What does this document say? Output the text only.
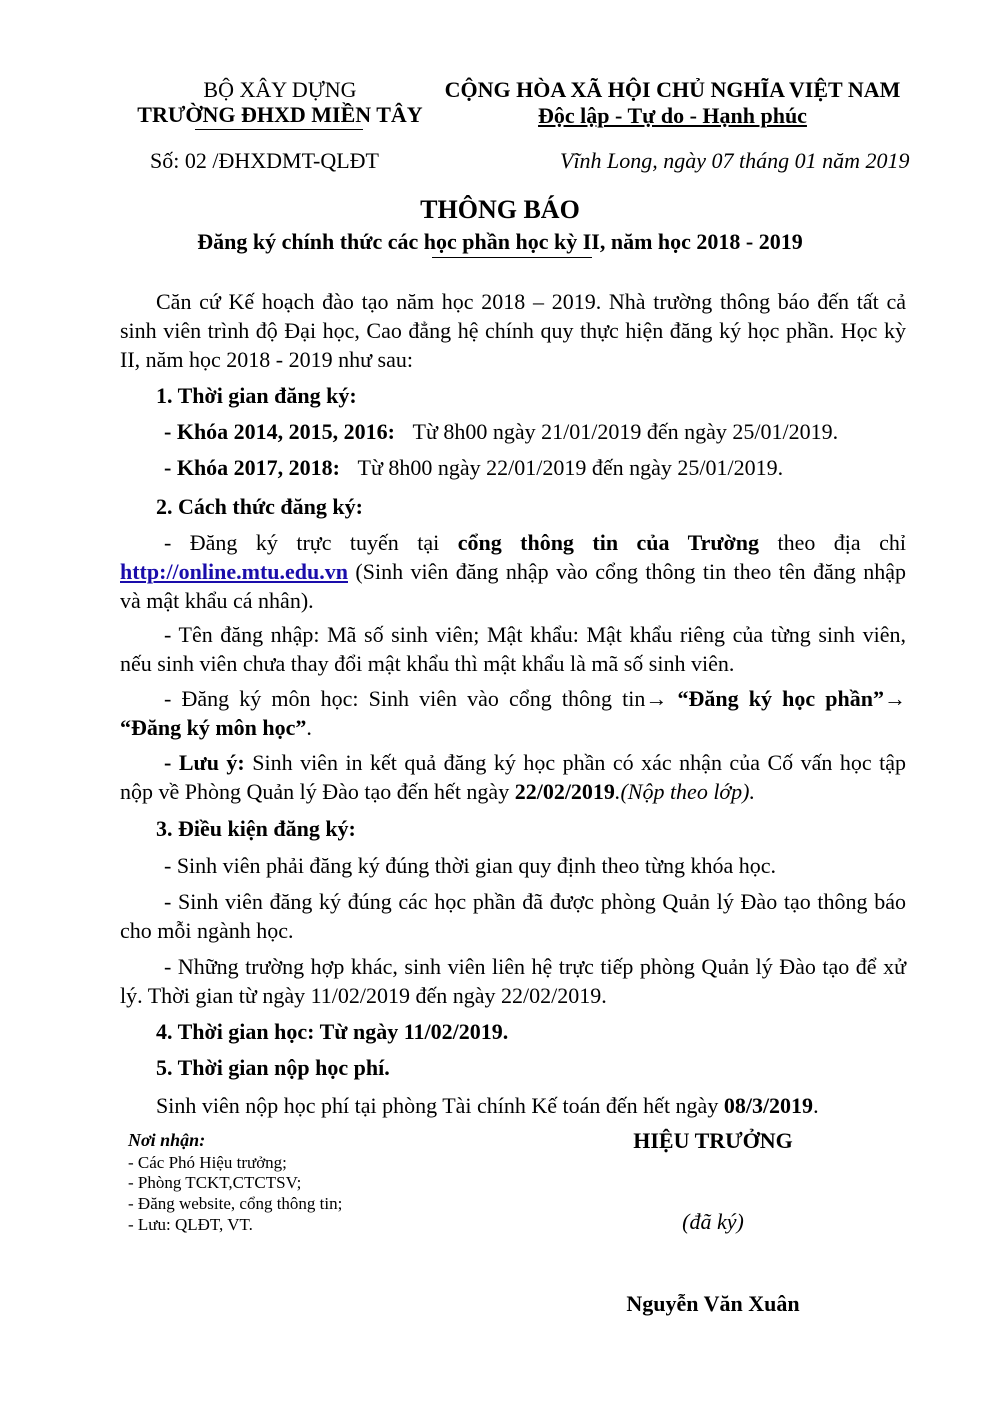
BỘ XÂY DỰNG
TRƯỜNG ĐHXD MIỀN TÂY
CỘNG HÒA XÃ HỘI CHỦ NGHĨA VIỆT NAM
Độc lập - Tự do - Hạnh phúc
Số: 02 /ĐHXDMT-QLĐT	Vĩnh Long, ngày 07 tháng 01 năm 2019
THÔNG BÁO
Đăng ký chính thức các học phần học kỳ II, năm học 2018 - 2019
Căn cứ Kế hoạch đào tạo năm học 2018 – 2019. Nhà trường thông báo đến tất cả sinh viên trình độ Đại học, Cao đẳng hệ chính quy thực hiện đăng ký học phần. Học kỳ II, năm học 2018 - 2019 như sau:
1. Thời gian đăng ký:
- Khóa 2014, 2015, 2016: Từ 8h00 ngày 21/01/2019 đến ngày 25/01/2019.
- Khóa 2017, 2018: Từ 8h00 ngày 22/01/2019 đến ngày 25/01/2019.
2. Cách thức đăng ký:
- Đăng ký trực tuyến tại cổng thông tin của Trường theo địa chỉ http://online.mtu.edu.vn (Sinh viên đăng nhập vào cổng thông tin theo tên đăng nhập và mật khẩu cá nhân).
- Tên đăng nhập: Mã số sinh viên; Mật khẩu: Mật khẩu riêng của từng sinh viên, nếu sinh viên chưa thay đổi mật khẩu thì mật khẩu là mã số sinh viên.
- Đăng ký môn học: Sinh viên vào cổng thông tin→ “Đăng ký học phần”→ “Đăng ký môn học”.
- Lưu ý: Sinh viên in kết quả đăng ký học phần có xác nhận của Cố vấn học tập nộp về Phòng Quản lý Đào tạo đến hết ngày 22/02/2019.(Nộp theo lớp).
3. Điều kiện đăng ký:
- Sinh viên phải đăng ký đúng thời gian quy định theo từng khóa học.
- Sinh viên đăng ký đúng các học phần đã được phòng Quản lý Đào tạo thông báo cho mỗi ngành học.
- Những trường hợp khác, sinh viên liên hệ trực tiếp phòng Quản lý Đào tạo để xử lý. Thời gian từ ngày 11/02/2019 đến ngày 22/02/2019.
4. Thời gian học: Từ ngày 11/02/2019.
5. Thời gian nộp học phí.
Sinh viên nộp học phí tại phòng Tài chính Kế toán đến hết ngày 08/3/2019.
Nơi nhận:
- Các Phó Hiệu trưởng;
- Phòng TCKT,CTCTSV;
- Đăng website, cổng thông tin;
- Lưu: QLĐT, VT.
HIỆU TRƯỞNG
(đã ký)
Nguyễn Văn Xuân
